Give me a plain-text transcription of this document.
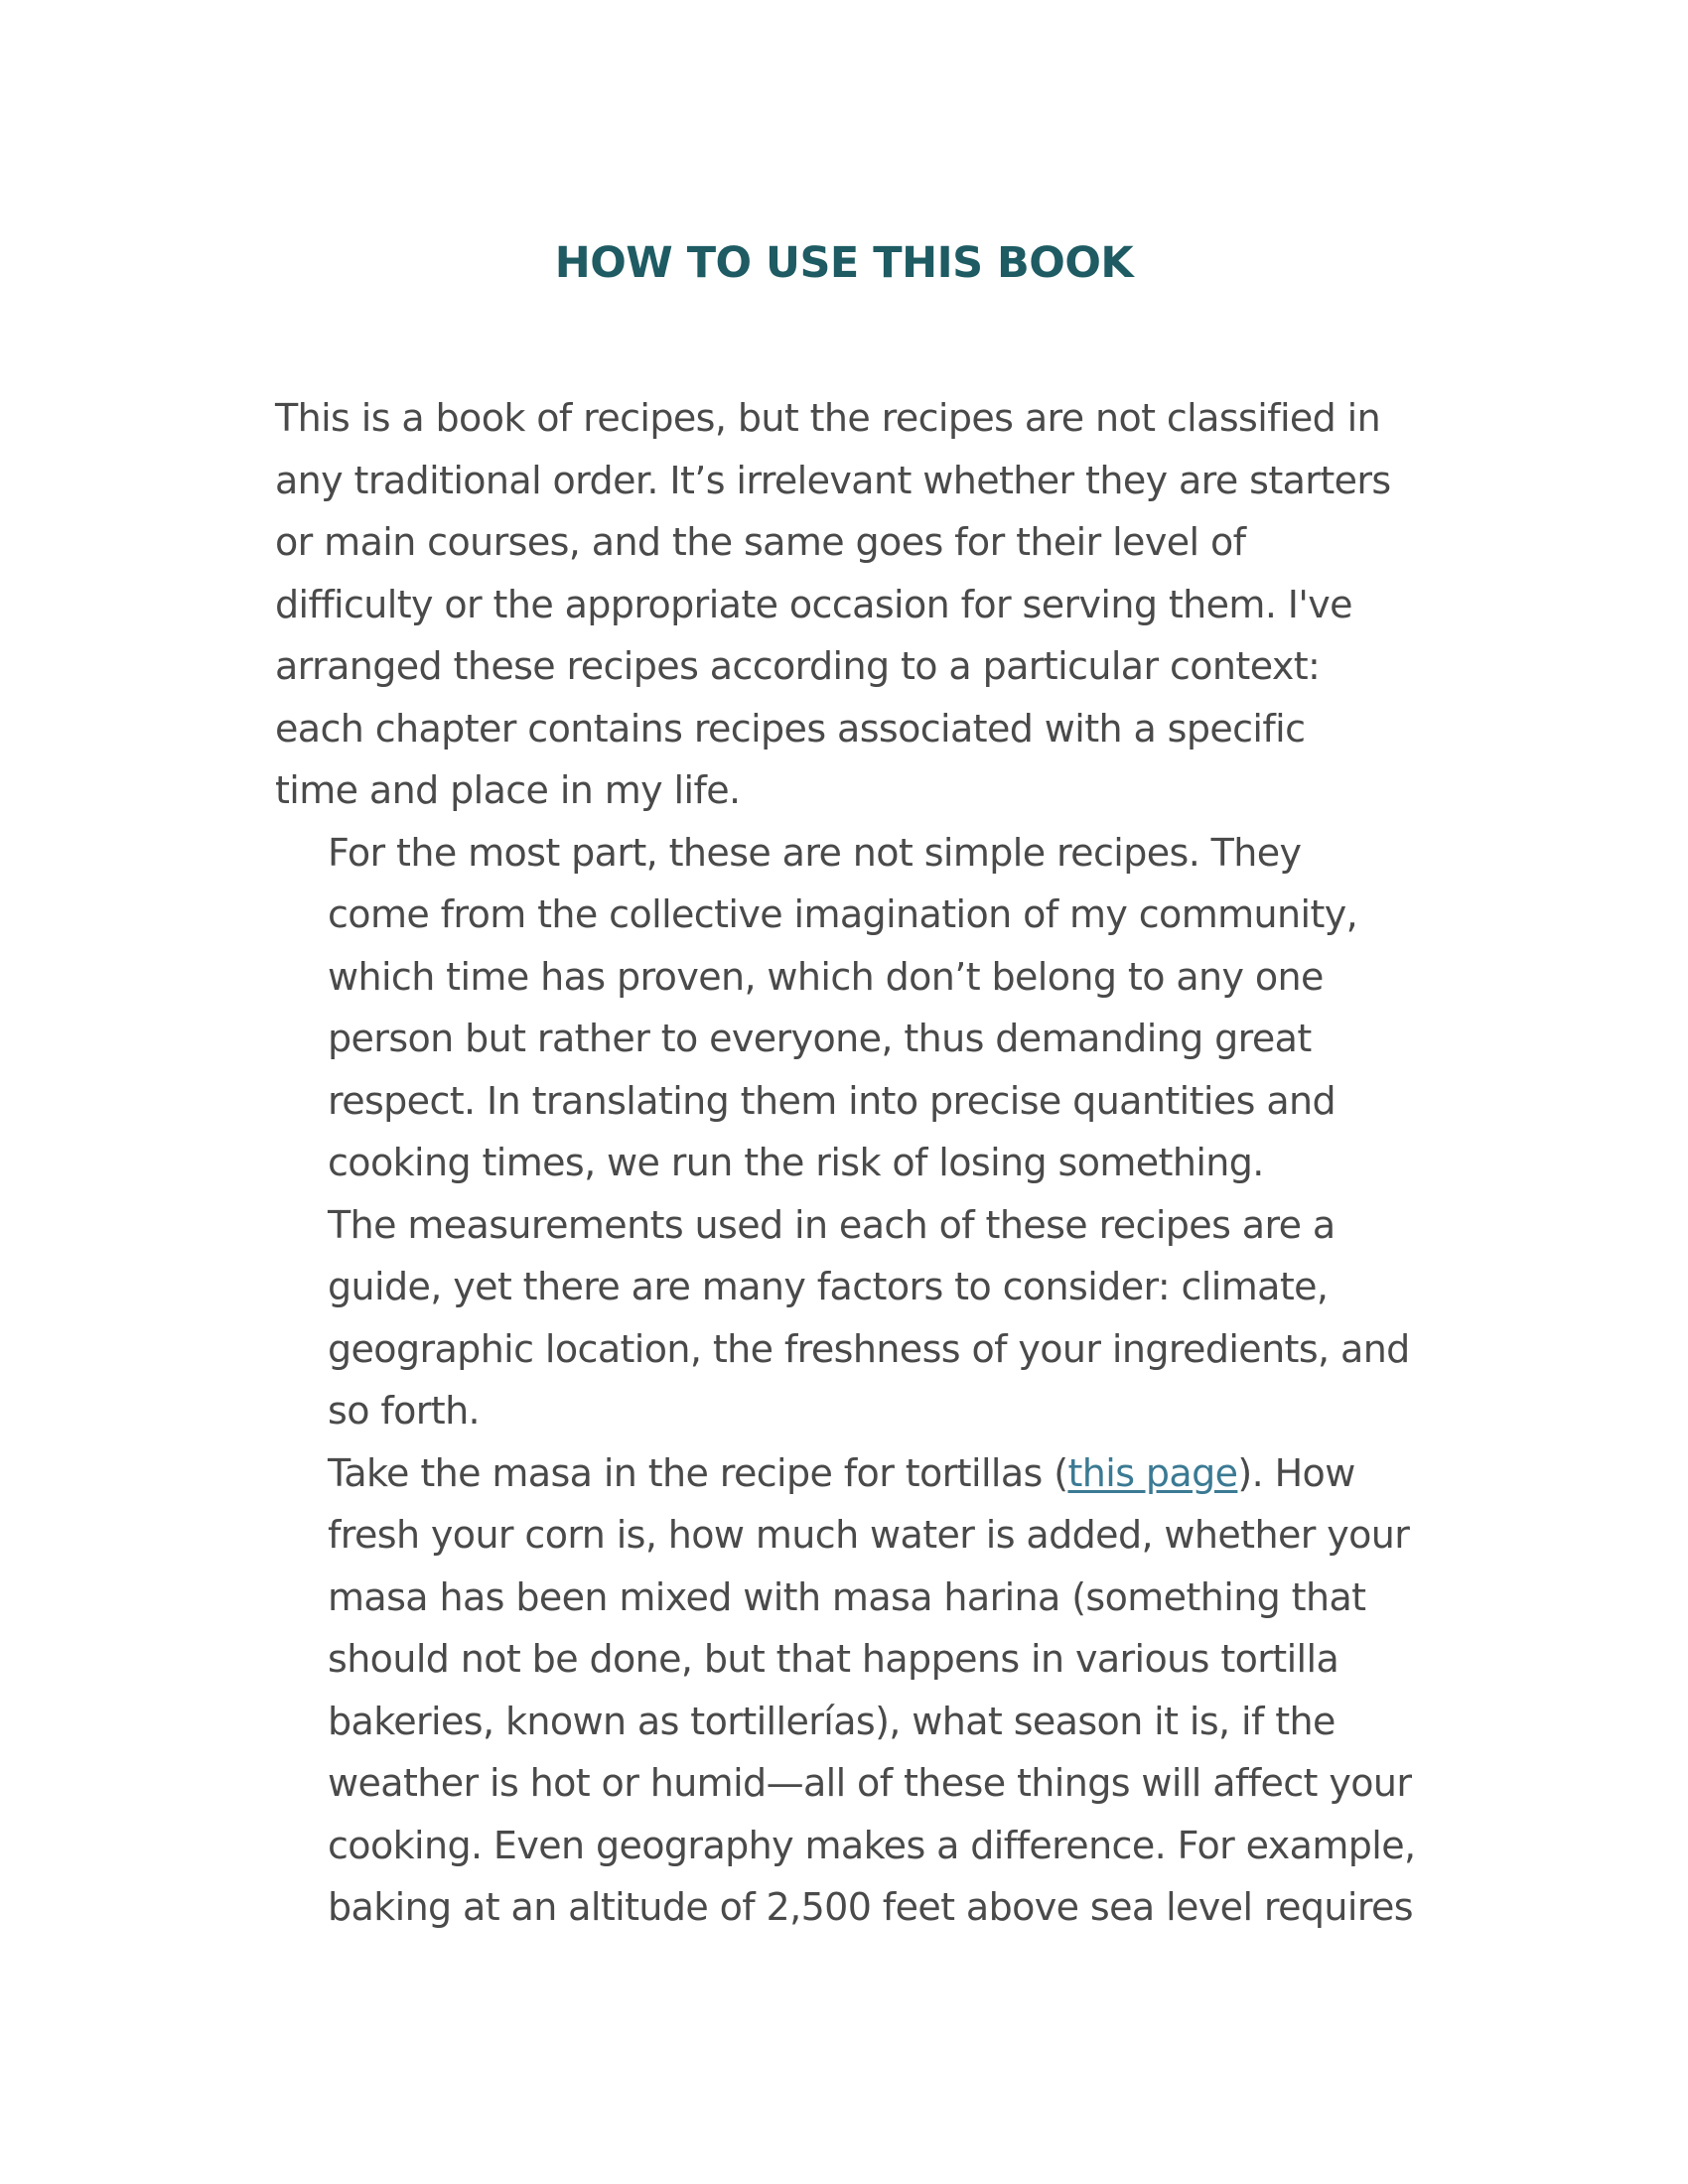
HOW TO USE THIS BOOK

This is a book of recipes, but the recipes are not classified in
any traditional order. It’s irrelevant whether they are starters
or main courses, and the same goes for their level of
difficulty or the appropriate occasion for serving them. I've
arranged these recipes according to a particular context:
each chapter contains recipes associated with a specific
time and place in my life.

For the most part, these are not simple recipes. They
come from the collective imagination of my community,
which time has proven, which don’t belong to any one
person but rather to everyone, thus demanding great
respect. In translating them into precise quantities and
cooking times, we run the risk of losing something.

The measurements used in each of these recipes are a
guide, yet there are many factors to consider: climate,
geographic location, the freshness of your ingredients, and
so forth.

Take the masa in the recipe for tortillas (this page). How
fresh your corn is, how much water is added, whether your
masa has been mixed with masa harina (something that
should not be done, but that happens in various tortilla
bakeries, known as tortillerías), what season it is, if the
weather is hot or humid—all of these things will affect your
cooking. Even geography makes a difference. For example,
baking at an altitude of 2,500 feet above sea level requires
